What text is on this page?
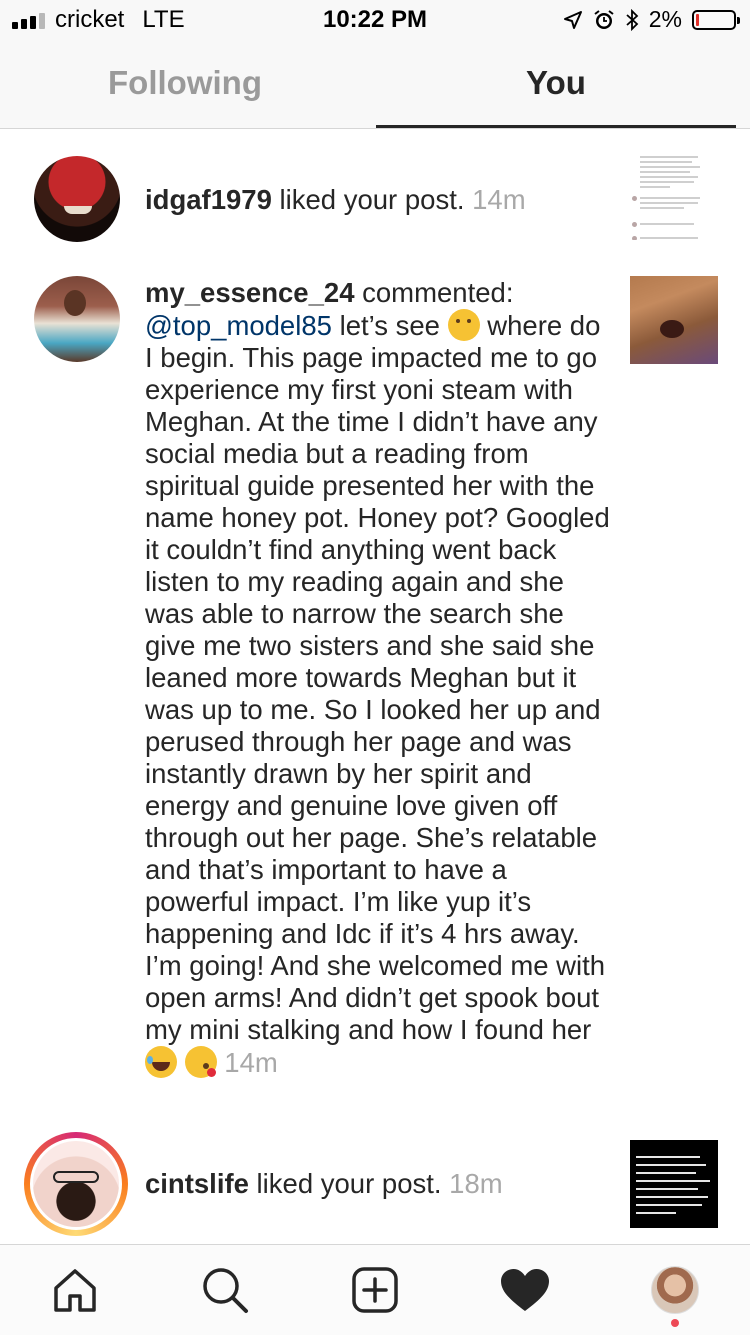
cricket LTE	10:22 PM	2%
Following	You
idgaf1979 liked your post. 14m
my_essence_24 commented: @top_model85 let’s see  where do I begin. This page impacted me to go experience my first yoni steam with Meghan. At the time I didn’t have any social media but a reading from spiritual guide presented her with the name honey pot. Honey pot? Googled it couldn’t find anything went back listen to my reading again and she was able to narrow the search she give me two sisters and she said she leaned more towards Meghan but it was up to me. So I looked her up and perused through her page and was instantly drawn by her spirit and energy and genuine love given off through out her page. She’s relatable and that’s important to have a powerful impact. I’m like yup it’s happening and Idc if it’s 4 hrs away. I’m going! And she welcomed me with open arms! And didn’t get spook bout my mini stalking and how I found her   14m
cintslife liked your post. 18m
